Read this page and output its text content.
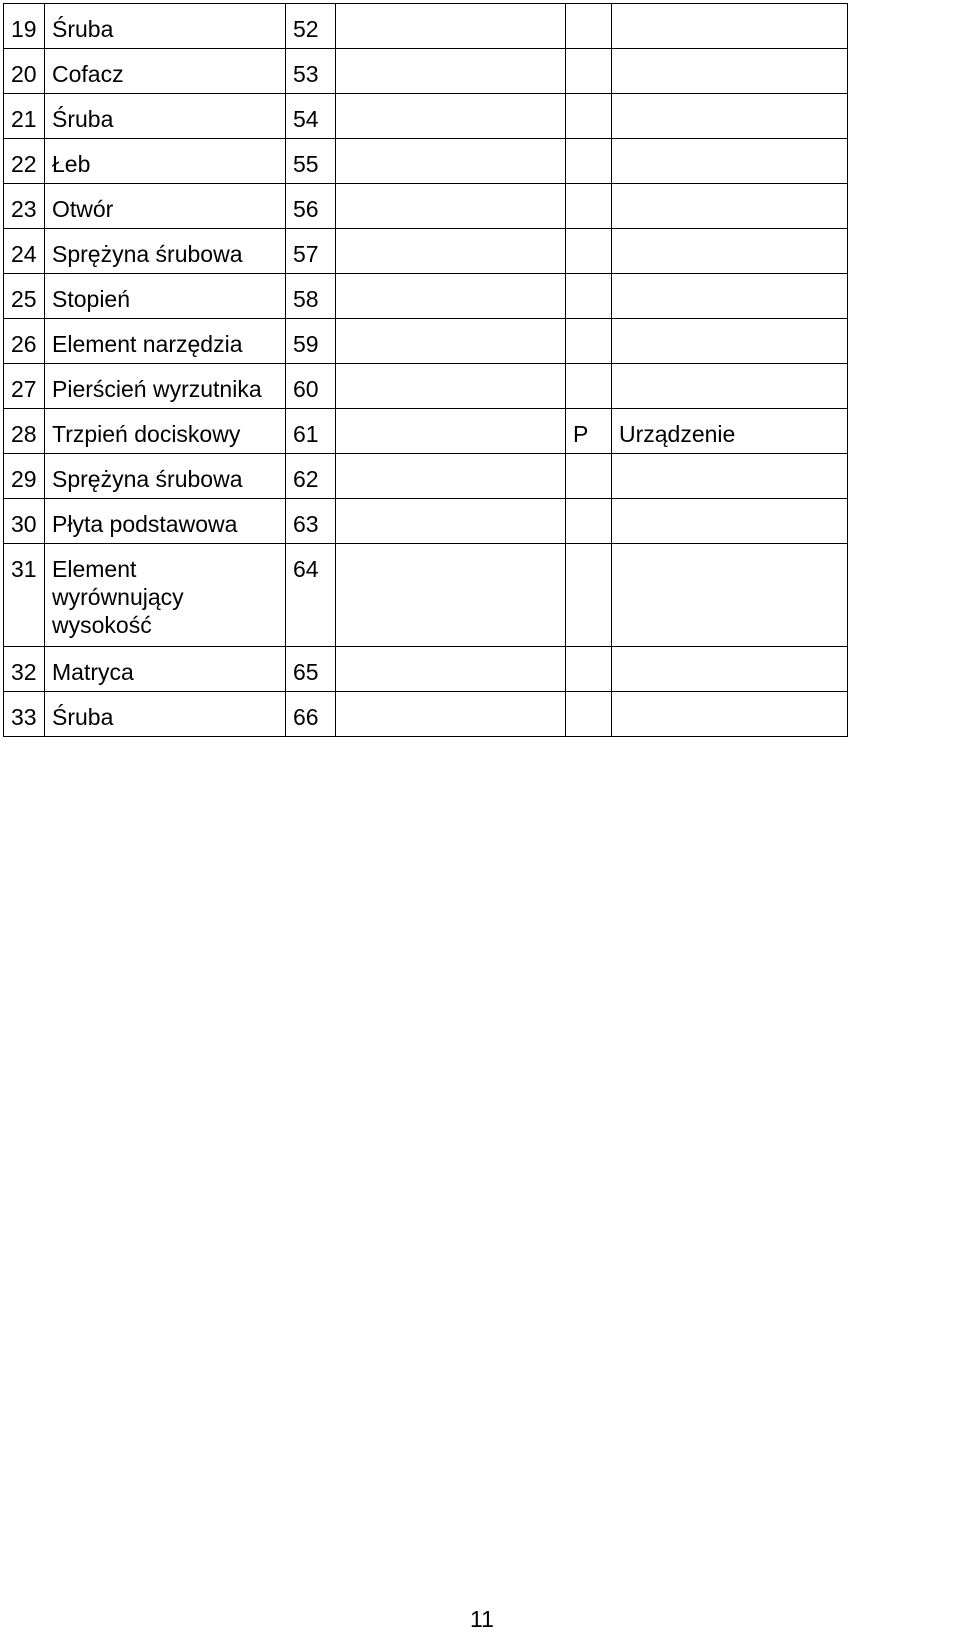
19	Śruba	52			
20	Cofacz	53			
21	Śruba	54			
22	Łeb	55			
23	Otwór	56			
24	Sprężyna śrubowa	57			
25	Stopień	58			
26	Element narzędzia	59			
27	Pierścień wyrzutnika	60			
28	Trzpień dociskowy	61		P	Urządzenie
29	Sprężyna śrubowa	62			
30	Płyta podstawowa	63			
31	Element
wyrównujący
wysokość	64			
32	Matryca	65			
33	Śruba	66			
11
